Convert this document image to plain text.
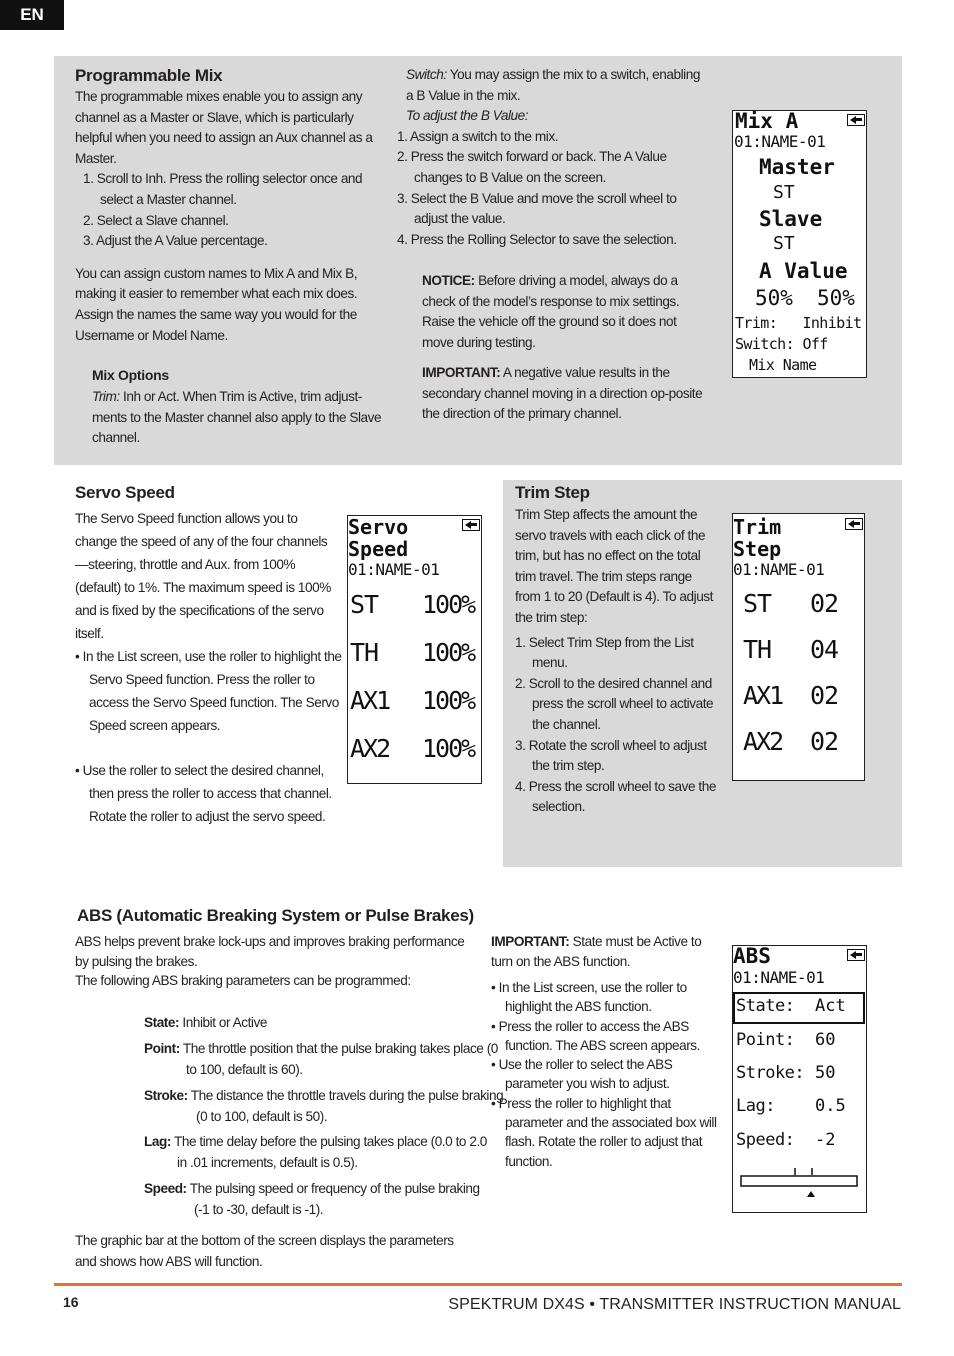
EN
Programmable Mix

The programmable mixes enable you to assign any channel as a Master or Slave, which is particularly helpful when you need to assign an Aux channel as a Master.

1. Scroll to Inh. Press the rolling selector once and select a Master channel.

2. Select a Slave channel.

3. Adjust the A Value percentage.

You can assign custom names to Mix A and Mix B, making it easier to remember what each mix does. Assign the names the same way you would for the Username or Model Name.

Mix Options
Trim: Inh or Act. When Trim is Active, trim adjust-ments to the Master channel also apply to the Slave channel.

Switch: You may assign the mix to a switch, enabling a B Value in the mix.

To adjust the B Value:

1. Assign a switch to the mix.

2. Press the switch forward or back. The A Value changes to B Value on the screen.

3. Select the B Value and move the scroll wheel to adjust the value.

4. Press the Rolling Selector to save the selection.

NOTICE: Before driving a model, always do a check of the model’s response to mix settings. Raise the vehicle off the ground so it does not move during testing.
IMPORTANT: A negative value results in the secondary channel moving in a direction op-posite the direction of the primary channel.
Mix A
01:NAME-01
Master
ST
Slave
ST
A Value
50% 50%
Trim:   Inhibit
Switch: Off
Mix Name
Servo Speed
The Servo Speed function allows you to change the speed of any of the four channels—steering, throttle and Aux. from 100% (default) to 1%. The maximum speed is 100% and is fixed by the specifications of the servo itself.
• In the List screen, use the roller to highlight the Servo Speed function. Press the roller to access the Servo Speed function. The Servo Speed screen appears.
• Use the roller to select the desired channel, then press the roller to access that channel. Rotate the roller to adjust the servo speed.
Servo
Speed
01:NAME-01
ST 100%
TH 100%
AX1 100%
AX2 100%
Trim Step

Trim Step affects the amount the servo travels with each click of the trim, but has no effect on the total trim travel. The trim steps range from 1 to 20 (Default is 4). To adjust the trim step:

1. Select Trim Step from the List menu.

2. Scroll to the desired channel and press the scroll wheel to activate the channel.

3. Rotate the scroll wheel to adjust the trim step.

4. Press the scroll wheel to save the selection.

Trim
Step
01:NAME-01
ST 02
TH 04
AX1 02
AX2 02
ABS (Automatic Breaking System or Pulse Brakes)

ABS helps prevent brake lock-ups and improves braking performance by pulsing the brakes.

The following ABS braking parameters can be programmed:

State: Inhibit or Active
Point: The throttle position that the pulse braking takes place (0 to 100, default is 60).
Stroke: The distance the throttle travels during the pulse braking (0 to 100, default is 50).
Lag: The time delay before the pulsing takes place (0.0 to 2.0 in .01 increments, default is 0.5).
Speed: The pulsing speed or frequency of the pulse braking (-1 to -30, default is -1).
The graphic bar at the bottom of the screen displays the parameters and shows how ABS will function.
IMPORTANT: State must be Active to turn on the ABS function.

• In the List screen, use the roller to highlight the ABS function.

• Press the roller to access the ABS function. The ABS screen appears.

• Use the roller to select the ABS parameter you wish to adjust.

• Press the roller to highlight that parameter and the associated box will flash. Rotate the roller to adjust that function.

ABS
01:NAME-01
State: Act
Point: 60
Stroke: 50
Lag: 0.5
Speed: -2
16	SPEKTRUM DX4S • TRANSMITTER INSTRUCTION MANUAL
